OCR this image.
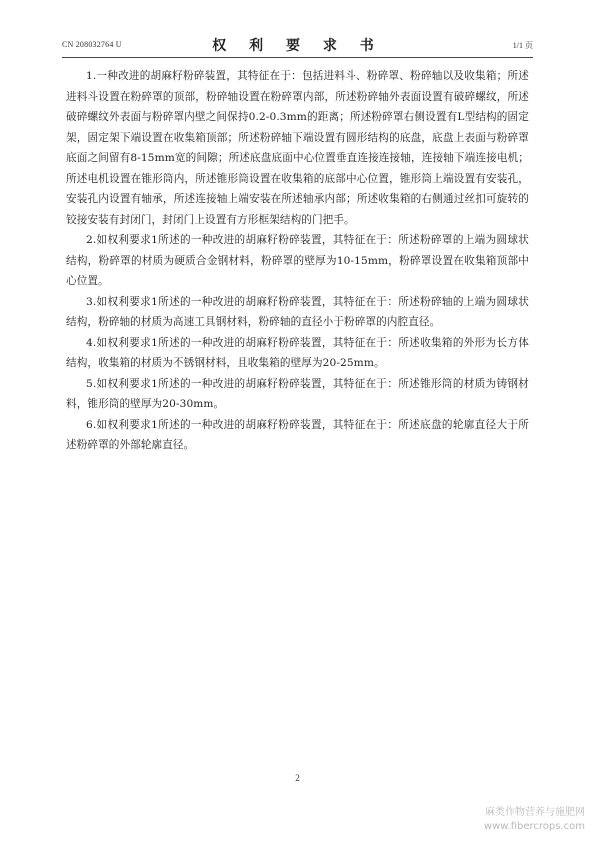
CN 208032764 U	权 利 要 求 书	1/1 页

1.一种改进的胡麻籽粉碎装置，其特征在于：包括进料斗、粉碎罩、粉碎轴以及收集箱；所述进料斗设置在粉碎罩的顶部，粉碎轴设置在粉碎罩内部，所述粉碎轴外表面设置有破碎螺纹，所述破碎螺纹外表面与粉碎罩内壁之间保持0.2-0.3mm的距离；所述粉碎罩右侧设置有L型结构的固定架，固定架下端设置在收集箱顶部；所述粉碎轴下端设置有圆形结构的底盘，底盘上表面与粉碎罩底面之间留有8-15mm宽的间隙；所述底盘底面中心位置垂直连接连接轴，连接轴下端连接电机；所述电机设置在锥形筒内，所述锥形筒设置在收集箱的底部中心位置，锥形筒上端设置有安装孔，安装孔内设置有轴承，所述连接轴上端安装在所述轴承内部；所述收集箱的右侧通过丝扣可旋转的铰接安装有封闭门，封闭门上设置有方形框架结构的门把手。

2.如权利要求1所述的一种改进的胡麻籽粉碎装置，其特征在于：所述粉碎罩的上端为圆球状结构，粉碎罩的材质为硬质合金钢材料，粉碎罩的壁厚为10-15mm，粉碎罩设置在收集箱顶部中心位置。

3.如权利要求1所述的一种改进的胡麻籽粉碎装置，其特征在于：所述粉碎轴的上端为圆球状结构，粉碎轴的材质为高速工具钢材料，粉碎轴的直径小于粉碎罩的内腔直径。

4.如权利要求1所述的一种改进的胡麻籽粉碎装置，其特征在于：所述收集箱的外形为长方体结构，收集箱的材质为不锈钢材料，且收集箱的壁厚为20-25mm。

5.如权利要求1所述的一种改进的胡麻籽粉碎装置，其特征在于：所述锥形筒的材质为铸钢材料，锥形筒的壁厚为20-30mm。

6.如权利要求1所述的一种改进的胡麻籽粉碎装置，其特征在于：所述底盘的轮廓直径大于所述粉碎罩的外部轮廓直径。

2
麻类作物营养与施肥网
www.fibercrops.com
